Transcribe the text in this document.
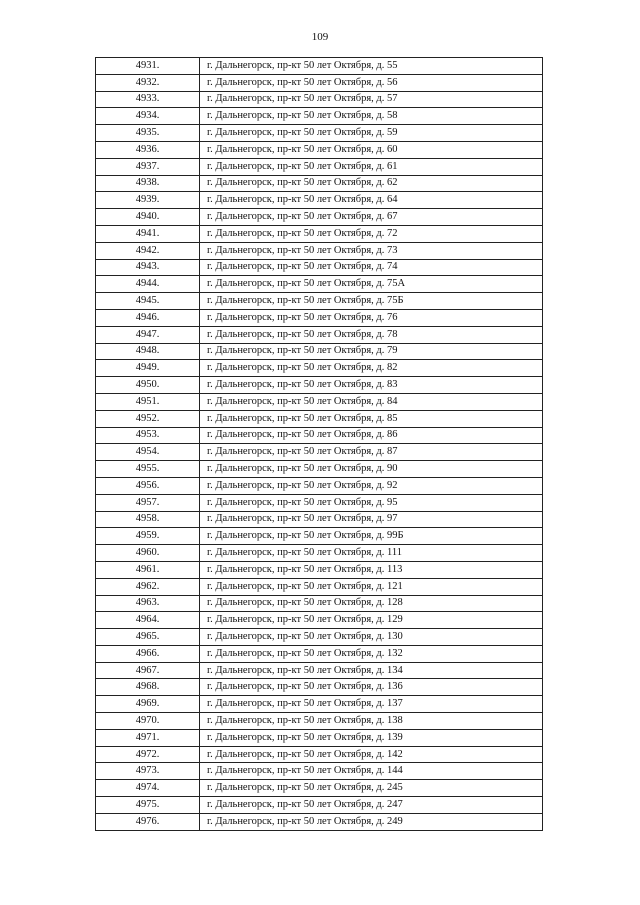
109
4931.	г. Дальнегорск, пр-кт 50 лет Октября, д. 55
4932.	г. Дальнегорск, пр-кт 50 лет Октября, д. 56
4933.	г. Дальнегорск, пр-кт 50 лет Октября, д. 57
4934.	г. Дальнегорск, пр-кт 50 лет Октября, д. 58
4935.	г. Дальнегорск, пр-кт 50 лет Октября, д. 59
4936.	г. Дальнегорск, пр-кт 50 лет Октября, д. 60
4937.	г. Дальнегорск, пр-кт 50 лет Октября, д. 61
4938.	г. Дальнегорск, пр-кт 50 лет Октября, д. 62
4939.	г. Дальнегорск, пр-кт 50 лет Октября, д. 64
4940.	г. Дальнегорск, пр-кт 50 лет Октября, д. 67
4941.	г. Дальнегорск, пр-кт 50 лет Октября, д. 72
4942.	г. Дальнегорск, пр-кт 50 лет Октября, д. 73
4943.	г. Дальнегорск, пр-кт 50 лет Октября, д. 74
4944.	г. Дальнегорск, пр-кт 50 лет Октября, д. 75А
4945.	г. Дальнегорск, пр-кт 50 лет Октября, д. 75Б
4946.	г. Дальнегорск, пр-кт 50 лет Октября, д. 76
4947.	г. Дальнегорск, пр-кт 50 лет Октября, д. 78
4948.	г. Дальнегорск, пр-кт 50 лет Октября, д. 79
4949.	г. Дальнегорск, пр-кт 50 лет Октября, д. 82
4950.	г. Дальнегорск, пр-кт 50 лет Октября, д. 83
4951.	г. Дальнегорск, пр-кт 50 лет Октября, д. 84
4952.	г. Дальнегорск, пр-кт 50 лет Октября, д. 85
4953.	г. Дальнегорск, пр-кт 50 лет Октября, д. 86
4954.	г. Дальнегорск, пр-кт 50 лет Октября, д. 87
4955.	г. Дальнегорск, пр-кт 50 лет Октября, д. 90
4956.	г. Дальнегорск, пр-кт 50 лет Октября, д. 92
4957.	г. Дальнегорск, пр-кт 50 лет Октября, д. 95
4958.	г. Дальнегорск, пр-кт 50 лет Октября, д. 97
4959.	г. Дальнегорск, пр-кт 50 лет Октября, д. 99Б
4960.	г. Дальнегорск, пр-кт 50 лет Октября, д. 111
4961.	г. Дальнегорск, пр-кт 50 лет Октября, д. 113
4962.	г. Дальнегорск, пр-кт 50 лет Октября, д. 121
4963.	г. Дальнегорск, пр-кт 50 лет Октября, д. 128
4964.	г. Дальнегорск, пр-кт 50 лет Октября, д. 129
4965.	г. Дальнегорск, пр-кт 50 лет Октября, д. 130
4966.	г. Дальнегорск, пр-кт 50 лет Октября, д. 132
4967.	г. Дальнегорск, пр-кт 50 лет Октября, д. 134
4968.	г. Дальнегорск, пр-кт 50 лет Октября, д. 136
4969.	г. Дальнегорск, пр-кт 50 лет Октября, д. 137
4970.	г. Дальнегорск, пр-кт 50 лет Октября, д. 138
4971.	г. Дальнегорск, пр-кт 50 лет Октября, д. 139
4972.	г. Дальнегорск, пр-кт 50 лет Октября, д. 142
4973.	г. Дальнегорск, пр-кт 50 лет Октября, д. 144
4974.	г. Дальнегорск, пр-кт 50 лет Октября, д. 245
4975.	г. Дальнегорск, пр-кт 50 лет Октября, д. 247
4976.	г. Дальнегорск, пр-кт 50 лет Октября, д. 249
